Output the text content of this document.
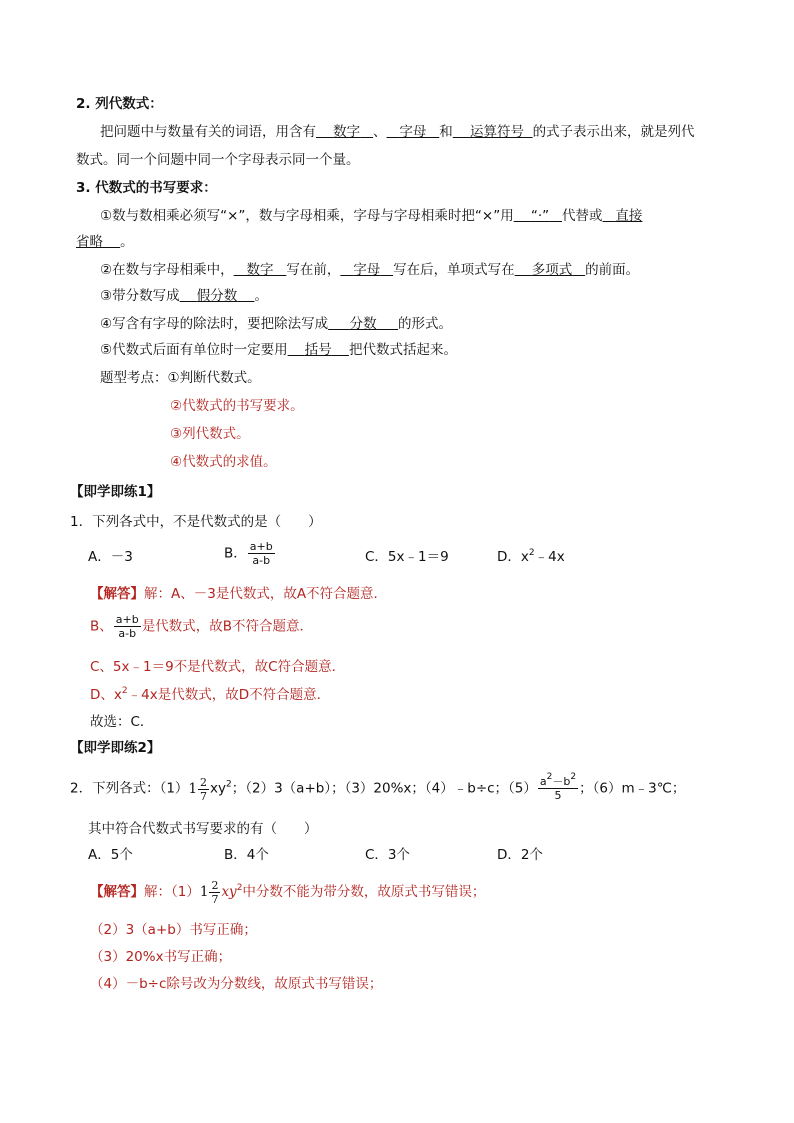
2. 列代数式：
把问题中与数量有关的词语，用含有 数字 、 字母 和 运算符号 的式子表示出来，就是列代
数式。同一个问题中同一个字母表示同一个量。
3. 代数式的书写要求：
①数与数相乘必须写“×”，数与字母相乘，字母与字母相乘时把“×”用 “·” 代替或 直接
省略 。
②在数与字母相乘中， 数字 写在前， 字母 写在后，单项式写在 多项式 的前面。
③带分数写成 假分数 。
④写含有字母的除法时，要把除法写成 分数 的形式。
⑤代数式后面有单位时一定要用 括号 把代数式括起来。
题型考点：①判断代数式。
②代数式的书写要求。
③列代数式。
④代数式的求值。
【即学即练1】
1．下列各式中，不是代数式的是（　　）
A．－3	B． $\frac{a+b}{a-b}$	C．5x﹣1＝9	D．$x^2﹣4x$
【解答】解：A、－3是代数式，故A不符合题意．
B、 $\frac{a+b}{a-b}$ 是代数式，故B不符合题意．
C、5x﹣1＝9不是代数式，故C符合题意．
D、$x^2﹣4x$是代数式，故D不符合题意．
故选：C．
【即学即练2】
2．下列各式：$(1)1 \frac{2}{7} xy^2$；（2）3（a+b）；（3）20%x；（4）﹣b÷c；$(5) \frac{a^2-b^2}{5}$ ；（6）m﹣3℃；
其中符合代数式书写要求的有（　　）
A．5个	B．4个	C．3个	D．2个
【解答】解：$(1)1 \frac{2}{7} xy^2$中分数不能为带分数，故原式书写错误；
（2）3（a+b）书写正确；
（3）20%x书写正确；
（4）－b÷c除号改为分数线，故原式书写错误；
